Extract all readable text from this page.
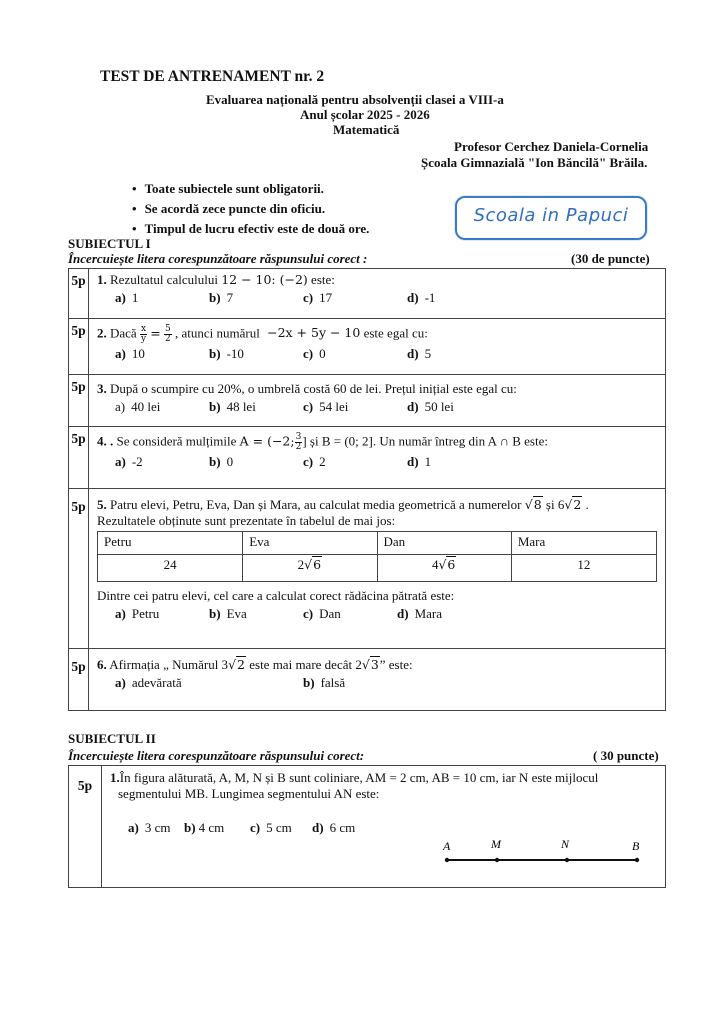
TEST DE ANTRENAMENT nr. 2
Evaluarea națională pentru absolvenții clasei a VIII-a
Anul școlar 2025 - 2026
Matematică
Profesor Cerchez Daniela-Cornelia
Școala Gimnazială "Ion Băncilă" Brăila.
• Toate subiectele sunt obligatorii.
• Se acordă zece puncte din oficiu.
• Timpul de lucru efectiv este de două ore.
Scoala in Papuci
SUBIECTUL I
Încercuiește litera corespunzătoare răspunsului corect :	(30 de puncte)
5p	1. Rezultatul calculului 12 − 10: (−2) este:
a) 1	b) 7	c) 17	d) -1

5p	2. Dacă $\frac{x}{y} = \frac{5}{2}$ , atunci numărul −2x + 5y − 10 este egal cu:
a) 10	b) -10	c) 0	d) 5

5p	3. După o scumpire cu 20%, o umbrelă costă 60 de lei. Prețul inițial este egal cu:
a) 40 lei	b) 48 lei	c) 54 lei	d) 50 lei

5p	4. . Se consideră mulțimile A = (−2; $\frac{3}{2}$ ] și B = (0; 2]. Un număr întreg din A ∩ B este:
a) -2	b) 0	c) 2	d) 1

5p	5. Patru elevi, Petru, Eva, Dan și Mara, au calculat media geometrică a numerelor √8 și 6√2 .
Rezultatele obținute sunt prezentate în tabelul de mai jos:
Petru	Eva	Dan	Mara
24	2√6	4√6	12
Dintre cei patru elevi, cel care a calculat corect rădăcina pătrată este:
a) Petru	b) Eva	c) Dan	d) Mara

5p	6. Afirmația „ Numărul 3√2 este mai mare decât 2√3” este:
a) adevărată	b) falsă
SUBIECTUL II
Încercuiește litera corespunzătoare răspunsului corect:	( 30 puncte)
5p	
1.În figura alăturată, A, M, N și B sunt coliniare, AM = 2 cm, AB = 10 cm, iar N este mijlocul
segmentului MB. Lungimea segmentului AN este:
a) 3 cm	b) 4 cm	c) 5 cm	d) 6 cm
A	M	N	B
